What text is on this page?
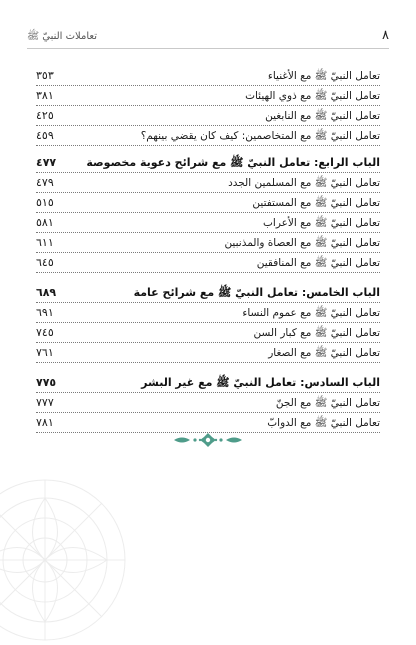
٨
تعاملات النبيّ ﷺ
تعامل النبيّ ﷺ مع الأغنياء
٣٥٣
تعامل النبيّ ﷺ مع ذوي الهيئات
٣٨١
تعامل النبيّ ﷺ مع النابغين
٤٢٥
تعامل النبيّ ﷺ مع المتخاصمين: كيف كان يقضي بينهم؟
٤٥٩
الباب الرابع: تعامل النبيّ ﷺ مع شرائح دعوية مخصوصة
٤٧٧
تعامل النبيّ ﷺ مع المسلمين الجدد
٤٧٩
تعامل النبيّ ﷺ مع المستفتين
٥١٥
تعامل النبيّ ﷺ مع الأعراب
٥٨١
تعامل النبيّ ﷺ مع العصاة والمذنبين
٦١١
تعامل النبيّ ﷺ مع المنافقين
٦٤٥
الباب الخامس: تعامل النبيّ ﷺ مع شرائح عامة
٦٨٩
تعامل النبيّ ﷺ مع عموم النساء
٦٩١
تعامل النبيّ ﷺ مع كبار السن
٧٤٥
تعامل النبيّ ﷺ مع الصغار
٧٦١
الباب السادس: تعامل النبيّ ﷺ مع غير البشر
٧٧٥
تعامل النبيّ ﷺ مع الجنّ
٧٧٧
تعامل النبيّ ﷺ مع الدوابّ
٧٨١
